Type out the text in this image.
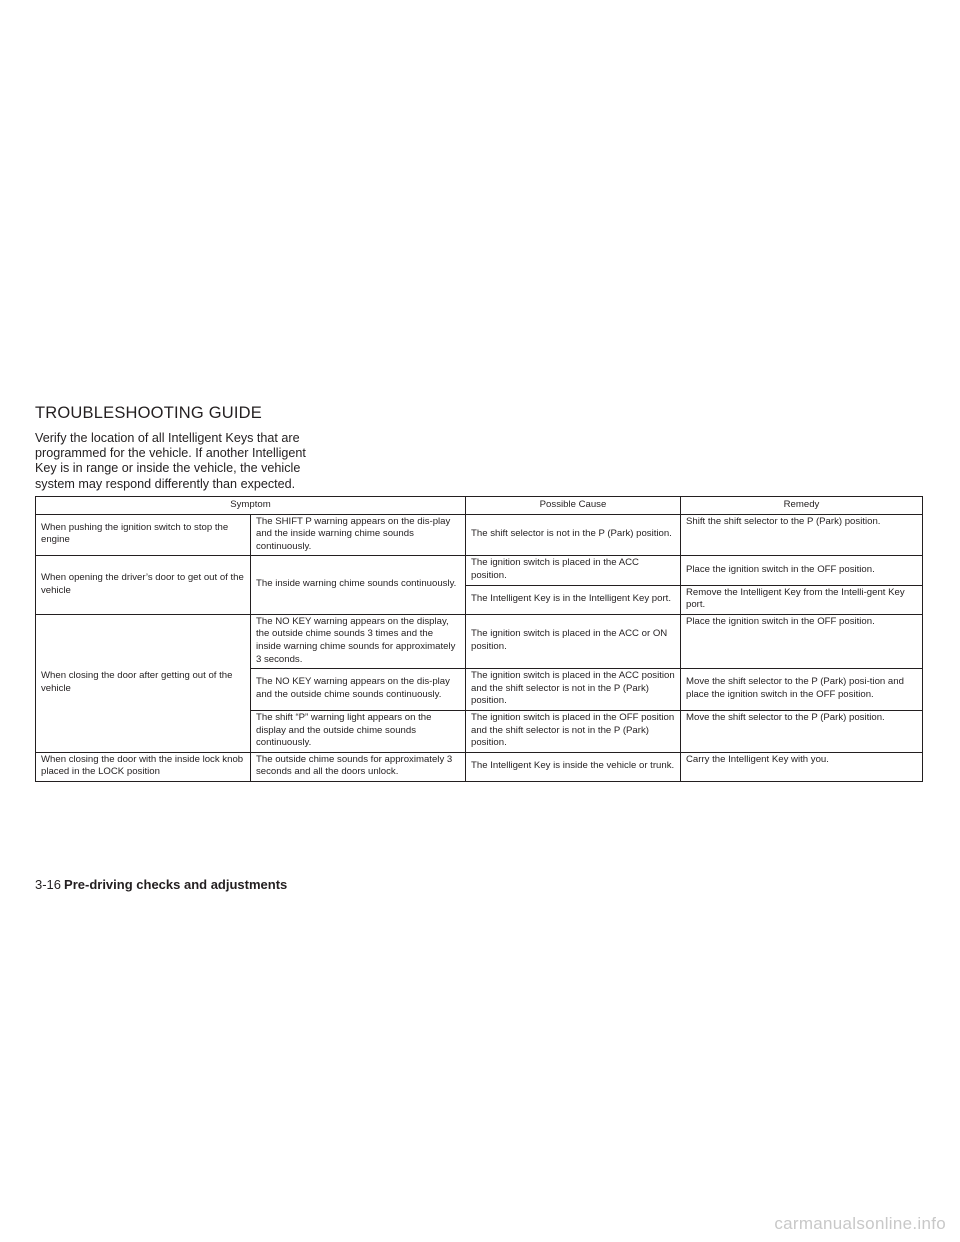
TROUBLESHOOTING GUIDE

Verify the location of all Intelligent Keys that are programmed for the vehicle. If another Intelligent Key is in range or inside the vehicle, the vehicle system may respond differently than expected.

Symptom		Possible Cause	Remedy
When pushing the ignition switch to stop the engine	The SHIFT P warning appears on the dis-play and the inside warning chime sounds continuously.	The shift selector is not in the P (Park) position.	Shift the shift selector to the P (Park) position.
When opening the driver’s door to get out of the vehicle	The inside warning chime sounds continuously.	The ignition switch is placed in the ACC position.	Place the ignition switch in the OFF position.
		The Intelligent Key is in the Intelligent Key port.	Remove the Intelligent Key from the Intelli-gent Key port.
When closing the door after getting out of the vehicle	The NO KEY warning appears on the display, the outside chime sounds 3 times and the inside warning chime sounds for approximately 3 seconds.	The ignition switch is placed in the ACC or ON position.	Place the ignition switch in the OFF position.
	The NO KEY warning appears on the dis-play and the outside chime sounds continuously.	The ignition switch is placed in the ACC position and the shift selector is not in the P (Park) position.	Move the shift selector to the P (Park) posi-tion and place the ignition switch in the OFF position.
	The shift “P” warning light appears on the display and the outside chime sounds continuously.	The ignition switch is placed in the OFF position and the shift selector is not in the P (Park) position.	Move the shift selector to the P (Park) position.
When closing the door with the inside lock knob placed in the LOCK position	The outside chime sounds for approximately 3 seconds and all the doors unlock.	The Intelligent Key is inside the vehicle or trunk.	Carry the Intelligent Key with you.
3-16 Pre-driving checks and adjustments
carmanualsonline.info
